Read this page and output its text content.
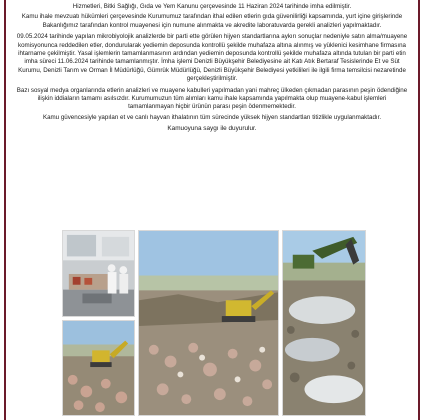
Hizmetleri, Bitki Sağlığı, Gıda ve Yem Kanunu çerçevesinde 11 Haziran 2024 tarihinde imha edilmiştir.

Kamu ihale mevzuatı hükümleri çerçevesinde Kurumumuz tarafından ithal edilen etlerin gıda güvenilirliği kapsamında, yurt içine girişlerinde Bakanlığımız tarafından kontrol muayenesi için numune alınmakta ve akredite laboratuvarda gerekli analizleri yapılmaktadır.

09.05.2024 tarihinde yapılan mikrobiyolojik analizlerde bir parti ette görülen hijyen standartlarına aykırı sonuçlar nedeniyle satın alma/muayene komisyonunca reddedilen etler, dondurularak yediemin deposunda kontrollü şekilde muhafaza altına alınmış ve yüklenici kesimhane firmasına ihtarname çekilmiştir. Yasal işlemlerin tamamlanmasının ardından yediemin deposunda kontrollü şekilde muhafaza altında tutulan bir parti etin imha süreci 11.06.2024 tarihinde tamamlanmıştır. İmha işlemi Denizli Büyükşehir Belediyesine ait Katı Atık Bertaraf Tesislerinde Et ve Süt Kurumu, Denizli Tarım ve Orman İl Müdürlüğü, Gümrük Müdürlüğü, Denizli Büyükşehir Belediyesi yetkilileri ile ilgili firma temsilcisi nezaretinde gerçekleştirilmiştir.

Bazı sosyal medya organlarında etlerin analizleri ve muayene kabulleri yapılmadan yani mahreç ülkeden çıkmadan parasının peşin ödendiğine ilişkin iddiaların tamamı asılsızdır. Kurumumuzun tüm alımları kamu ihale kapsamında yapılmakta olup muayene-kabul işlemleri tamamlanmayan hiçbir ürünün parası peşin ödenmemektedir.

Kamu güvencesiyle yapılan et ve canlı hayvan ithalatının tüm sürecinde yüksek hijyen standartları titizlikle uygulanmaktadır.

Kamuoyuna saygı ile duyurulur.
